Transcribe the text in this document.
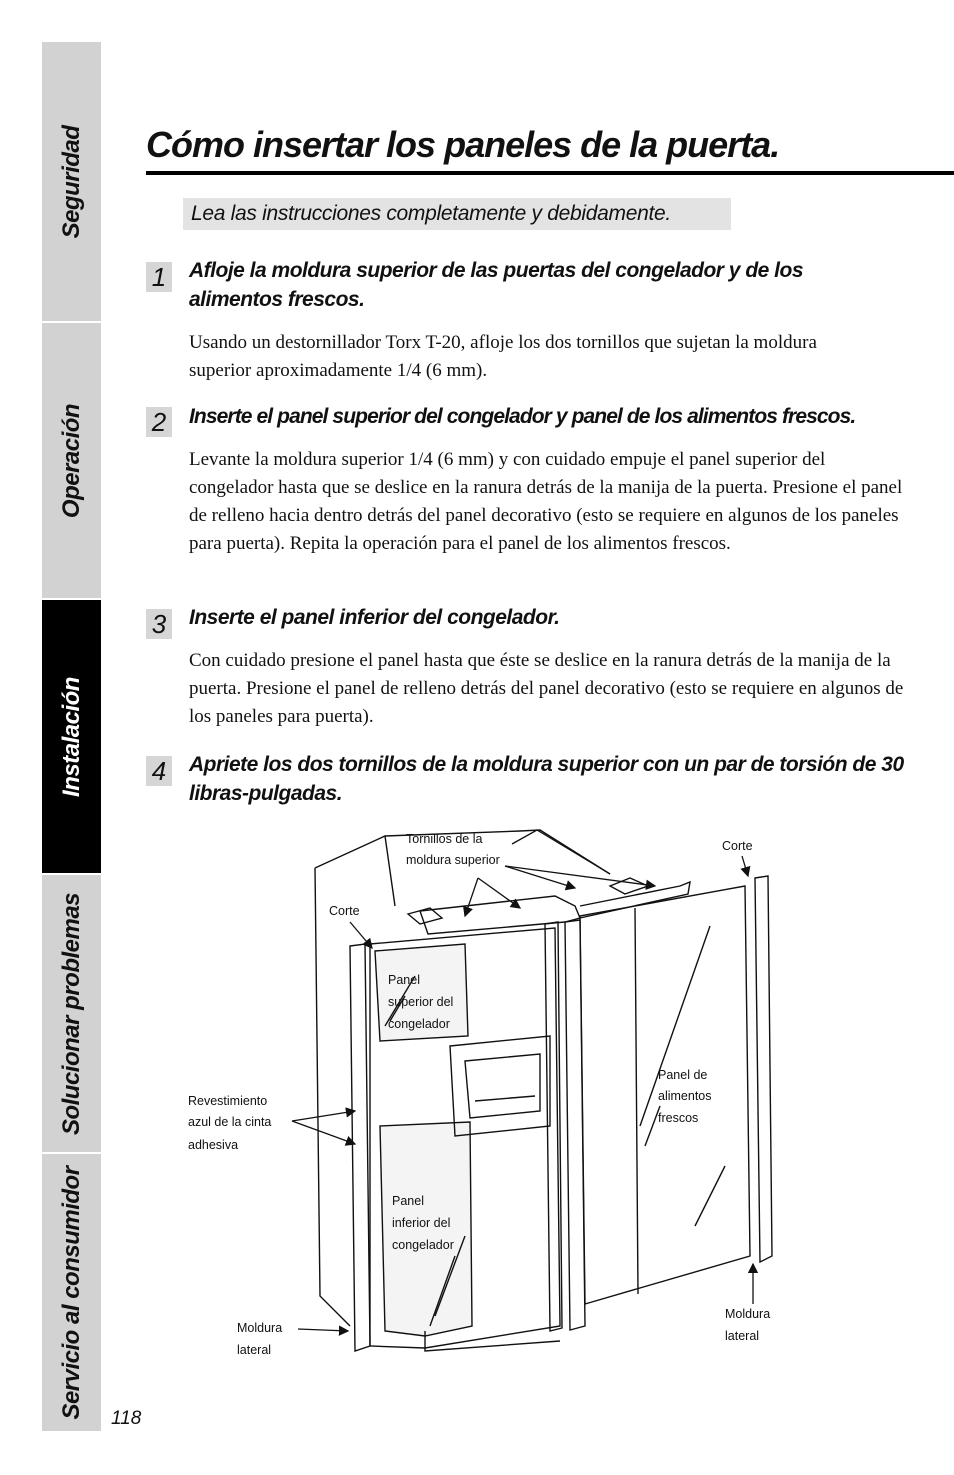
Seguridad
Operación
Instalación
Solucionar problemas
Servicio al consumidor
Cómo insertar los paneles de la puerta.
Lea las instrucciones completamente y debidamente.
1 Afloje la moldura superior de las puertas del congelador y de los alimentos frescos.
Usando un destornillador Torx T-20, afloje los dos tornillos que sujetan la moldura superior aproximadamente 1/4 (6 mm).
2 Inserte el panel superior del congelador y panel de los alimentos frescos.
Levante la moldura superior 1/4 (6 mm) y con cuidado empuje el panel superior del congelador hasta que se deslice en la ranura detrás de la manija de la puerta. Presione el panel de relleno hacia dentro detrás del panel decorativo (esto se requiere en algunos de los paneles para puerta). Repita la operación para el panel de los alimentos frescos.
3 Inserte el panel inferior del congelador.
Con cuidado presione el panel hasta que éste se deslice en la ranura detrás de la manija de la puerta. Presione el panel de relleno detrás del panel decorativo (esto se requiere en algunos de los paneles para puerta).
4 Apriete los dos tornillos de la moldura superior con un par de torsión de 30 libras-pulgadas.
Tornillos de la
moldura superior
Corte
Corte
Panel
superior del
congelador
Panel de
alimentos
frescos
Revestimiento
azul de la cinta
adhesiva
Panel
inferior del
congelador
Moldura
lateral
Moldura
lateral
118
